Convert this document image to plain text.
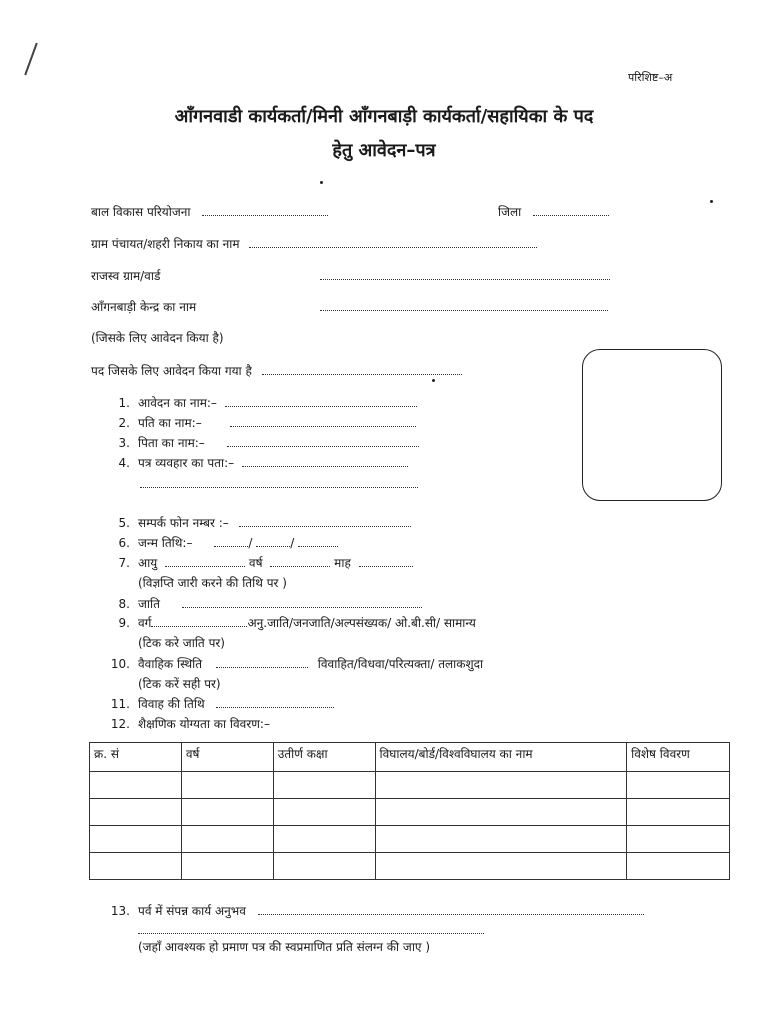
परिशिष्ट–अ
आँगनवाडी कार्यकर्ता/मिनी आँगनबाड़ी कार्यकर्ता/सहायिका के पद
हेतु आवेदन–पत्र
बाल विकास परियोजना	जिला
ग्राम पंचायत/शहरी निकाय का नाम
राजस्व ग्राम/वार्ड
आँगनबाड़ी केन्द्र का नाम
(जिसके लिए आवेदन किया है)
पद जिसके लिए आवेदन किया गया है
1. आवेदन का नाम:–
2. पति का नाम:–
3. पिता का नाम:–
4. पत्र व्यवहार का पता:–
5. सम्पर्क फोन नम्बर :–
6. जन्म तिथि:–	/	/
7. आयु	वर्ष	माह
(विज्ञप्ति जारी करने की तिथि पर )
8. जाति
9. वर्ग	अनु.जाति/जनजाति/अल्पसंख्यक/ ओ.बी.सी/ सामान्य
(टिक करे जाति पर)
10. वैवाहिक स्थिति	विवाहित/विधवा/परित्यक्ता/ तलाकशुदा
(टिक करें सही पर)
11. विवाह की तिथि
12. शैक्षणिक योग्यता का विवरण:–
क्र. सं	वर्ष	उतीर्ण कक्षा	विघालय/बोर्ड/विश्वविघालय का नाम	विशेष विवरण

13. पर्व में संपन्न कार्य अनुभव
(जहाँ आवश्यक हो प्रमाण पत्र की स्वप्रमाणित प्रति संलग्न की जाए )
